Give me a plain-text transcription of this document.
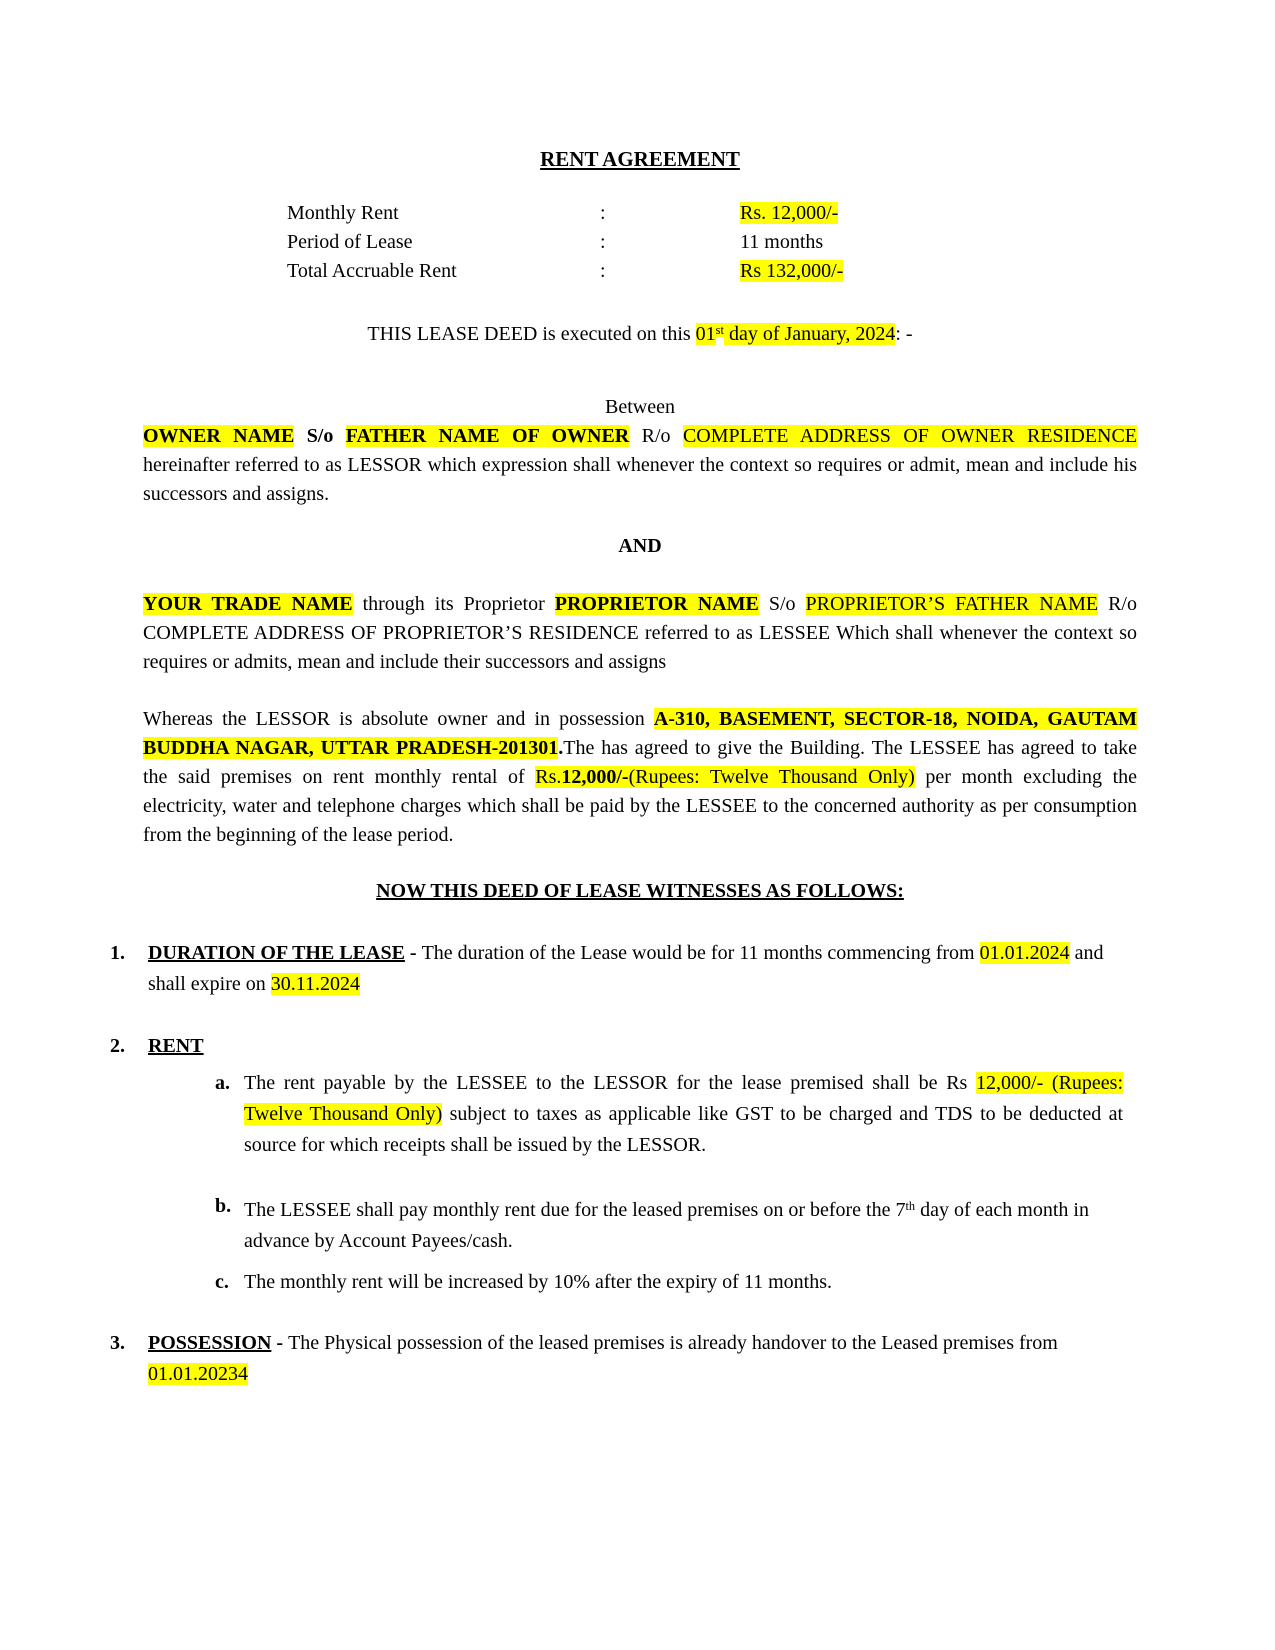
RENT AGREEMENT
Monthly Rent	:	Rs. 12,000/-
Period of Lease	:	11 months
Total Accruable Rent	:	Rs 132,000/-
THIS LEASE DEED is executed on this 01st day of January, 2024: -
Between

OWNER NAME S/o FATHER NAME OF OWNER R/o COMPLETE ADDRESS OF OWNER RESIDENCE hereinafter referred to as LESSOR which expression shall whenever the context so requires or admit, mean and include his successors and assigns.

AND

YOUR TRADE NAME through its Proprietor PROPRIETOR NAME S/o PROPRIETOR’S FATHER NAME R/o COMPLETE ADDRESS OF PROPRIETOR’S RESIDENCE referred to as LESSEE Which shall whenever the context so requires or admits, mean and include their successors and assigns

Whereas the LESSOR is absolute owner and in possession A-310, BASEMENT, SECTOR-18, NOIDA, GAUTAM BUDDHA NAGAR, UTTAR PRADESH-201301.The has agreed to give the Building. The LESSEE has agreed to take the said premises on rent monthly rental of Rs.12,000/-(Rupees: Twelve Thousand Only) per month excluding the electricity, water and telephone charges which shall be paid by the LESSEE to the concerned authority as per consumption from the beginning of the lease period.

NOW THIS DEED OF LEASE WITNESSES AS FOLLOWS:
1.	DURATION OF THE LEASE - The duration of the Lease would be for 11 months commencing from 01.01.2024 and shall expire on 30.11.2024
2.	RENT
a. The rent payable by the LESSEE to the LESSOR for the lease premised shall be Rs 12,000/- (Rupees: Twelve Thousand Only) subject to taxes as applicable like GST to be charged and TDS to be deducted at source for which receipts shall be issued by the LESSOR.
b. The LESSEE shall pay monthly rent due for the leased premises on or before the 7th day of each month in advance by Account Payees/cash.
c. The monthly rent will be increased by 10% after the expiry of 11 months.
3.	POSSESSION - The Physical possession of the leased premises is already handover to the Leased premises from 01.01.20234
